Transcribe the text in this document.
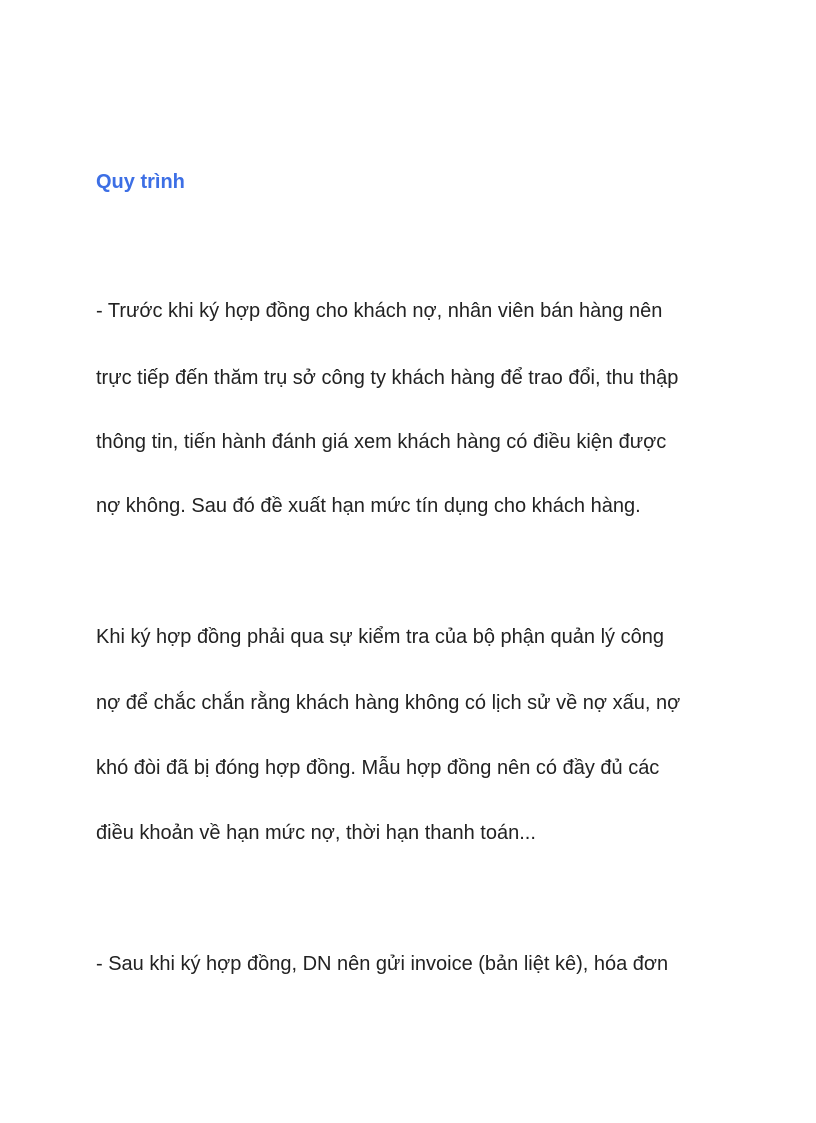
Quy trình

- Trước khi ký hợp đồng cho khách nợ, nhân viên bán hàng nên

trực tiếp đến thăm trụ sở công ty khách hàng để trao đổi, thu thập

thông tin, tiến hành đánh giá xem khách hàng có điều kiện được

nợ không. Sau đó đề xuất hạn mức tín dụng cho khách hàng.

Khi ký hợp đồng phải qua sự kiểm tra của bộ phận quản lý công

nợ để chắc chắn rằng khách hàng không có lịch sử về nợ xấu, nợ

khó đòi đã bị đóng hợp đồng. Mẫu hợp đồng nên có đầy đủ các

điều khoản về hạn mức nợ, thời hạn thanh toán...

- Sau khi ký hợp đồng, DN nên gửi invoice (bản liệt kê), hóa đơn
